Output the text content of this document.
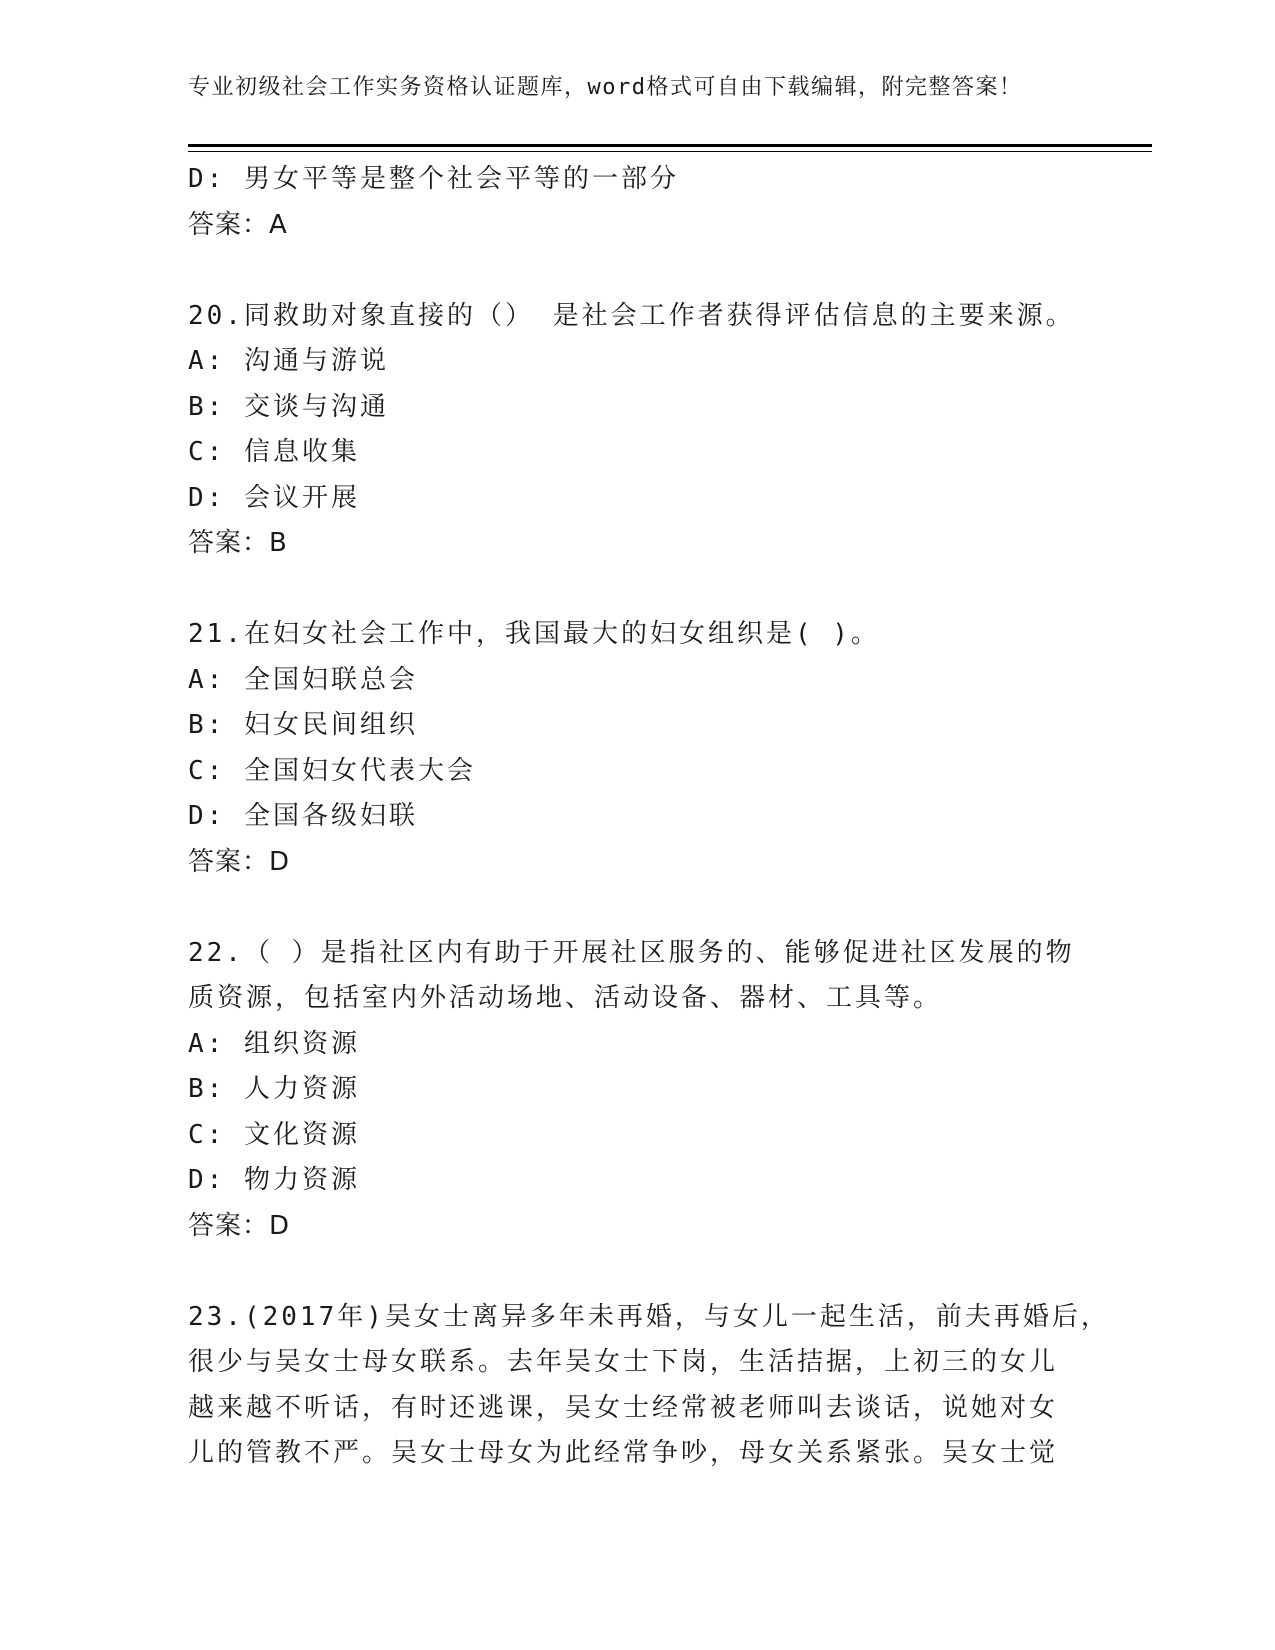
专业初级社会工作实务资格认证题库，word格式可自由下载编辑，附完整答案！
D: 男女平等是整个社会平等的一部分
答案：A
20.同救助对象直接的（） 是社会工作者获得评估信息的主要来源。
A: 沟通与游说
B: 交谈与沟通
C: 信息收集
D: 会议开展
答案：B
21.在妇女社会工作中，我国最大的妇女组织是( )。
A: 全国妇联总会
B: 妇女民间组织
C: 全国妇女代表大会
D: 全国各级妇联
答案：D
22.（ ）是指社区内有助于开展社区服务的、能够促进社区发展的物
质资源，包括室内外活动场地、活动设备、器材、工具等。
A: 组织资源
B: 人力资源
C: 文化资源
D: 物力资源
答案：D
23.(2017年)吴女士离异多年未再婚，与女儿一起生活，前夫再婚后，
很少与吴女士母女联系。去年吴女士下岗，生活拮据，上初三的女儿
越来越不听话，有时还逃课，吴女士经常被老师叫去谈话，说她对女
儿的管教不严。吴女士母女为此经常争吵，母女关系紧张。吴女士觉
